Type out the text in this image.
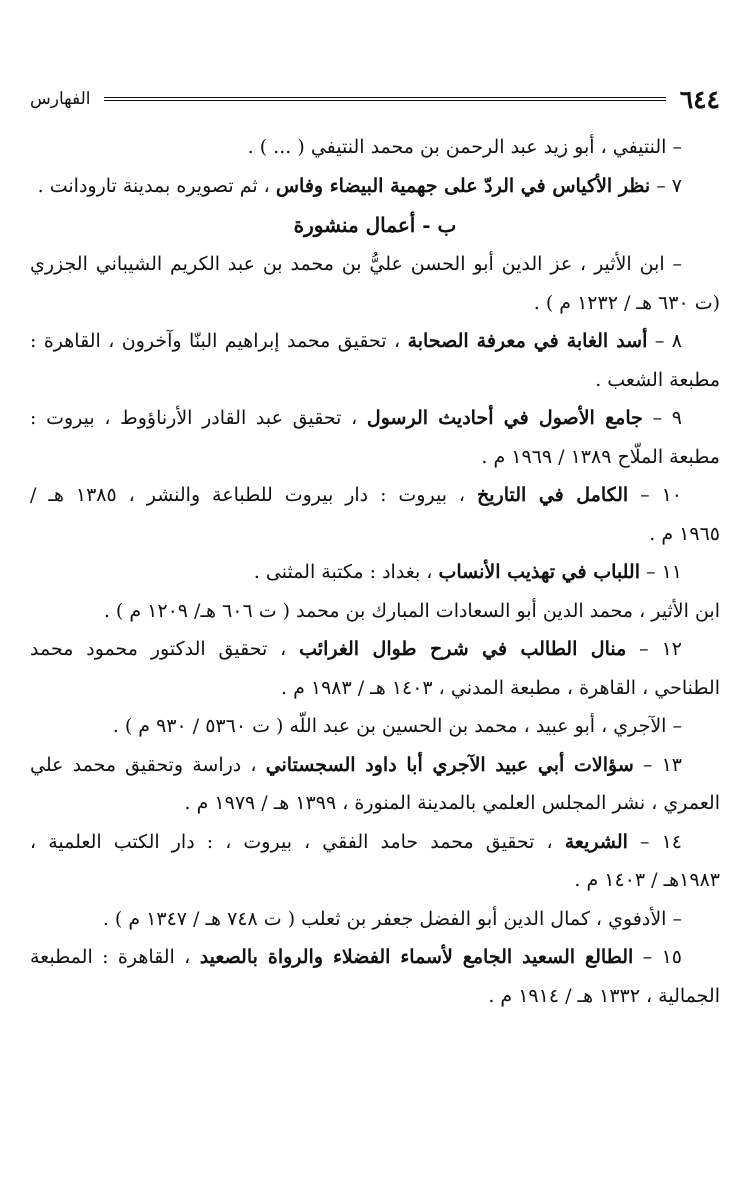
٦٤٤
الفهارس
– النتيفي ، أبو زيد عبد الرحمن بن محمد النتيفي ( ... ) .
٧ – نظر الأكياس في الردّ على جهمية البيضاء وفاس ، ثم تصويره بمدينة تارودانت .
ب - أعمال منشورة
– ابن الأثير ، عز الدين أبو الحسن عليُّ بن محمد بن عبد الكريم الشيباني الجزري
(ت ٦٣٠ هـ / ١٢٣٢ م ) .
٨ – أسد الغابة في معرفة الصحابة ، تحقيق محمد إبراهيم البنّا وآخرون ، القاهرة :
مطبعة الشعب .
٩ – جامع الأصول في أحاديث الرسول ، تحقيق عبد القادر الأرناؤوط ، بيروت :
مطبعة الملّاح ١٣٨٩ / ١٩٦٩ م .
١٠ – الكامل في التاريخ ، بيروت : دار بيروت للطباعة والنشر ، ١٣٨٥ هـ /
١٩٦٥ م .
١١ – اللباب في تهذيب الأنساب ، بغداد : مكتبة المثنى .
ابن الأثير ، محمد الدين أبو السعادات المبارك بن محمد ( ت ٦٠٦ هـ/ ١٢٠٩ م ) .
١٢ – منال الطالب في شرح طوال الغرائب ، تحقيق الدكتور محمود محمد
الطناحي ، القاهرة ، مطبعة المدني ، ١٤٠٣ هـ / ١٩٨٣ م .
– الآجري ، أبو عبيد ، محمد بن الحسين بن عبد اللّه ( ت ٥٣٦٠ / ٩٣٠ م ) .
١٣ – سؤالات أبي عبيد الآجري أبا داود السجستاني ، دراسة وتحقيق محمد علي
العمري ، نشر المجلس العلمي بالمدينة المنورة ، ١٣٩٩ هـ / ١٩٧٩ م .
١٤ – الشريعة ، تحقيق محمد حامد الفقي ، بيروت ، : دار الكتب العلمية ،
١٩٨٣هـ / ١٤٠٣ م .
– الأدفوي ، كمال الدين أبو الفضل جعفر بن ثعلب ( ت ٧٤٨ هـ / ١٣٤٧ م ) .
١٥ – الطالع السعيد الجامع لأسماء الفضلاء والرواة بالصعيد ، القاهرة : المطبعة
الجمالية ، ١٣٣٢ هـ / ١٩١٤ م .
